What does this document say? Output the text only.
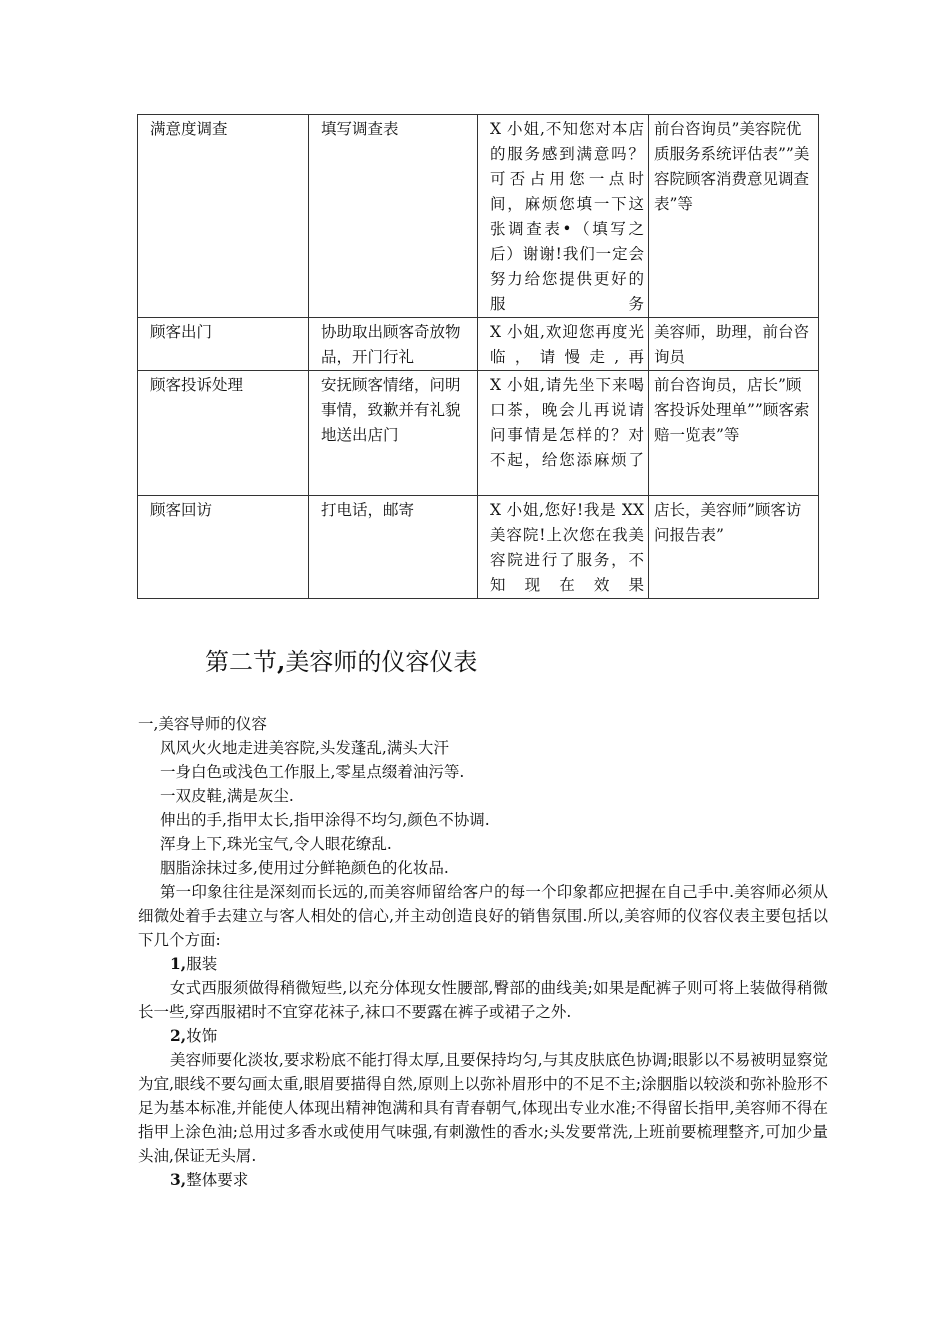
满意度调查	填写调查表	X 小姐,不知您对本店的服务感到满意吗？可否占用您一点时间，麻烦您填一下这张调查表•（填写之后）谢谢!我们一定会努力给您提供更好的服务	前台咨询员”美容院优质服务系统评估表””美容院顾客消费意见调查表”等
顾客出门	协助取出顾客奇放物品，开门行礼	X 小姐,欢迎您再度光临，请慢走,再	美容师，助理，前台咨询员
顾客投诉处理	安抚顾客情绪，问明事情，致歉并有礼貌地送出店门	X 小姐,请先坐下来喝口茶，晚会儿再说请问事情是怎样的？对不起，给您添麻烦了	前台咨询员，店长”顾客投诉处理单””顾客索赔一览表”等
顾客回访	打电话，邮寄	X 小姐,您好!我是 XX 美容院!上次您在我美容院进行了服务，不知现在效果	店长，美容师”顾客访问报告表”
第二节,美容师的仪容仪表

一,美容导师的仪容

风风火火地走进美容院,头发蓬乱,满头大汗

一身白色或浅色工作服上,零星点缀着油污等.

一双皮鞋,满是灰尘.

伸出的手,指甲太长,指甲涂得不均匀,颜色不协调.

浑身上下,珠光宝气,令人眼花缭乱.

胭脂涂抹过多,使用过分鲜艳颜色的化妆品.

第一印象往往是深刻而长远的,而美容师留给客户的每一个印象都应把握在自己手中.美容师必须从细微处着手去建立与客人相处的信心,并主动创造良好的销售氛围.所以,美容师的仪容仪表主要包括以下几个方面:

1,服装

女式西服须做得稍微短些,以充分体现女性腰部,臀部的曲线美;如果是配裤子则可将上装做得稍微长一些,穿西服裙时不宜穿花袜子,袜口不要露在裤子或裙子之外.

2,妆饰

美容师要化淡妆,要求粉底不能打得太厚,且要保持均匀,与其皮肤底色协调;眼影以不易被明显察觉为宜,眼线不要勾画太重,眼眉要描得自然,原则上以弥补眉形中的不足不主;涂胭脂以较淡和弥补脸形不足为基本标准,并能使人体现出精神饱满和具有青春朝气,体现出专业水准;不得留长指甲,美容师不得在指甲上涂色油;总用过多香水或使用气味强,有刺激性的香水;头发要常洗,上班前要梳理整齐,可加少量头油,保证无头屑.

3,整体要求
